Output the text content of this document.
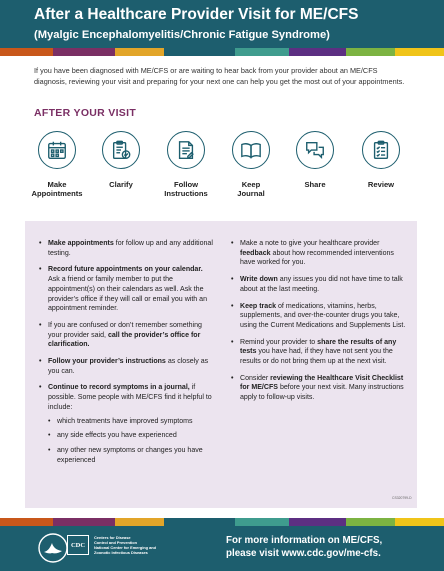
After a Healthcare Provider Visit for ME/CFS
(Myalgic Encephalomyelitis/Chronic Fatigue Syndrome)

If you have been diagnosed with ME/CFS or are waiting to hear back from your provider about an ME/CFS diagnosis, reviewing your visit and preparing for your next one can help you get the most out of your appointments.

AFTER YOUR VISIT
Make
Appointments
Clarify	Follow
Instructions
Keep
Journal
Share	Review
• Make appointments for follow up and any additional testing.
• Record future appointments on your calendar. Ask a friend or family member to put the appointment(s) on their calendars as well. Ask the provider’s office if they will call or email you with an appointment reminder.
• If you are confused or don’t remember something your provider said, call the provider’s office for clarification.
• Follow your provider’s instructions as closely as you can.
• Continue to record symptoms in a journal, if possible. Some people with ME/CFS find it helpful to include:
• which treatments have improved symptoms
• any side effects you have experienced
• any other new symptoms or changes you have experienced
• Make a note to give your healthcare provider feedback about how recommended interventions have worked for you.
• Write down any issues you did not have time to talk about at the last meeting.
• Keep track of medications, vitamins, herbs, supplements, and over-the-counter drugs you take, using the Current Medications and Supplements List.
• Remind your provider to share the results of any tests you have had, if they have not sent you the results or do not bring them up at the next visit.
• Consider reviewing the Healthcare Visit Checklist for ME/CFS before your next visit. Many instructions apply to follow-up visits.
CS320799-D
CDC
Centers for Disease
Control and Prevention
National Center for Emerging and
Zoonotic Infectious Diseases

For more information on ME/CFS,
please visit www.cdc.gov/me-cfs.
